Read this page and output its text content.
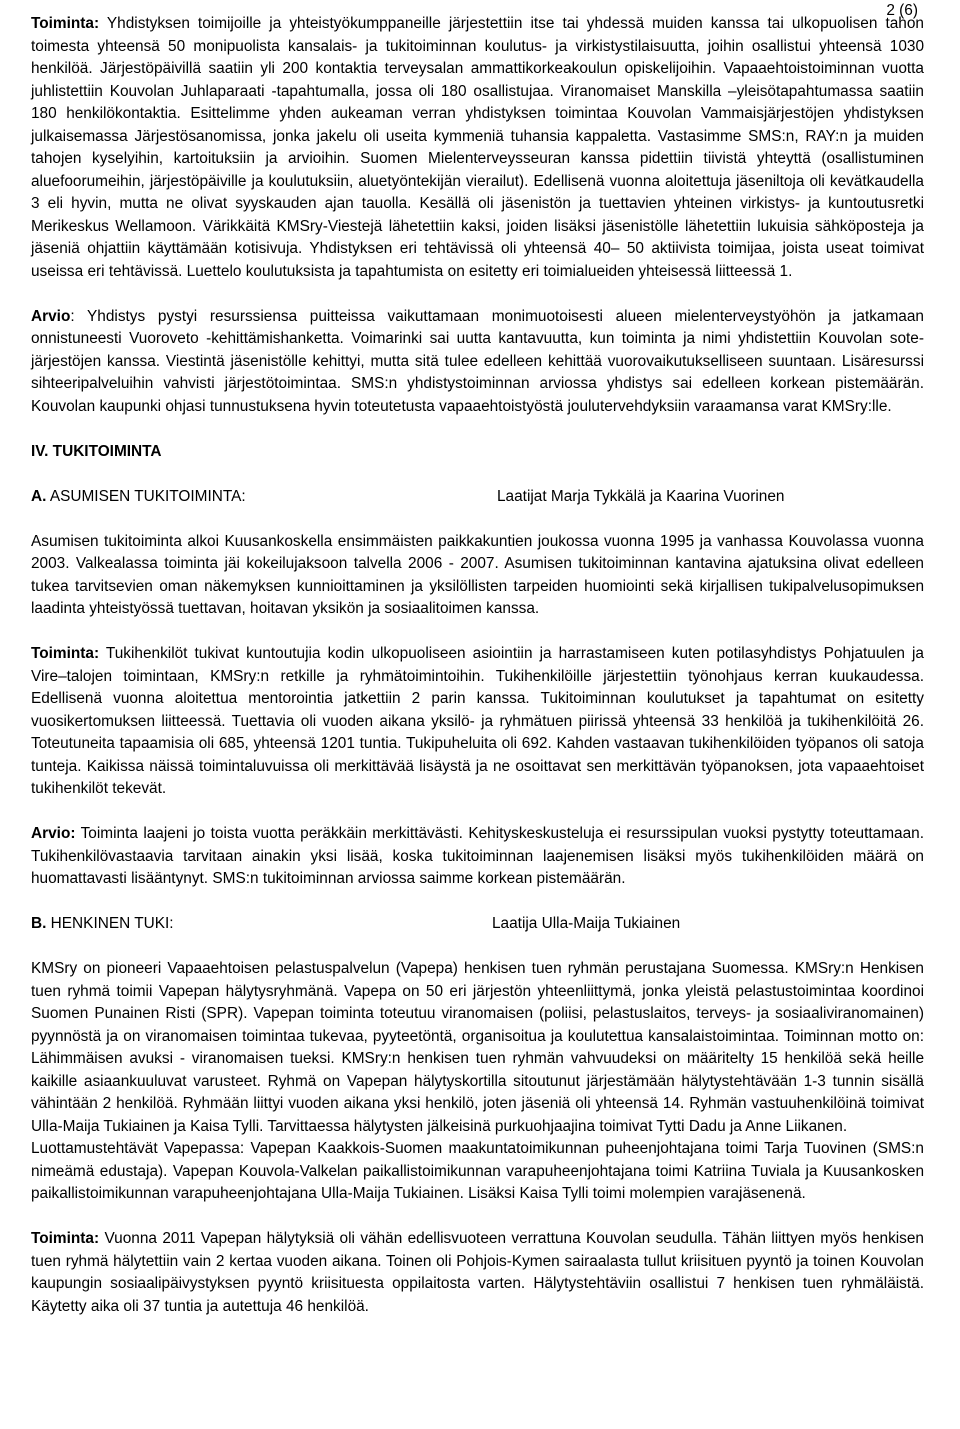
2 (6)

Toiminta: Yhdistyksen toimijoille ja yhteistyökumppaneille järjestettiin itse tai yhdessä muiden kanssa tai ulkopuolisen tahon toimesta yhteensä 50 monipuolista kansalais- ja tukitoiminnan koulutus- ja virkistystilaisuutta, joihin osallistui yhteensä 1030 henkilöä. Järjestöpäivillä saatiin yli 200 kontaktia terveysalan ammattikorkeakoulun opiskelijoihin. Vapaaehtoistoiminnan vuotta juhlistettiin Kouvolan Juhlaparaati -tapahtumalla, jossa oli 180 osallistujaa. Viranomaiset Manskilla –yleisötapahtumassa saatiin 180 henkilökontaktia. Esittelimme yhden aukeaman verran yhdistyksen toimintaa Kouvolan Vammaisjärjestöjen yhdistyksen julkaisemassa Järjestösanomissa, jonka jakelu oli useita kymmeniä tuhansia kappaletta. Vastasimme SMS:n, RAY:n ja muiden tahojen kyselyihin, kartoituksiin ja arvioihin. Suomen Mielenterveysseuran kanssa pidettiin tiivistä yhteyttä (osallistuminen aluefoorumeihin, järjestöpäiville ja koulutuksiin, aluetyöntekijän vierailut). Edellisenä vuonna aloitettuja jäseniltoja oli kevätkaudella 3 eli hyvin, mutta ne olivat syyskauden ajan tauolla. Kesällä oli jäsenistön ja tuettavien yhteinen virkistys- ja kuntoutusretki Merikeskus Wellamoon. Värikkäitä KMSry-Viestejä lähetettiin kaksi, joiden lisäksi jäsenistölle lähetettiin lukuisia sähköposteja ja jäseniä ohjattiin käyttämään kotisivuja. Yhdistyksen eri tehtävissä oli yhteensä 40– 50 aktiivista toimijaa, joista useat toimivat useissa eri tehtävissä. Luettelo koulutuksista ja tapahtumista on esitetty eri toimialueiden yhteisessä liitteessä 1.

Arvio: Yhdistys pystyi resurssiensa puitteissa vaikuttamaan monimuotoisesti alueen mielenterveystyöhön ja jatkamaan onnistuneesti Vuoroveto -kehittämishanketta. Voimarinki sai uutta kantavuutta, kun toiminta ja nimi yhdistettiin Kouvolan sote-järjestöjen kanssa. Viestintä jäsenistölle kehittyi, mutta sitä tulee edelleen kehittää vuorovaikutukselliseen suuntaan. Lisäresurssi sihteeripalveluihin vahvisti järjestötoimintaa. SMS:n yhdistystoiminnan arviossa yhdistys sai edelleen korkean pistemäärän. Kouvolan kaupunki ohjasi tunnustuksena hyvin toteutetusta vapaaehtoistyöstä joulutervehdyksiin varaamansa varat KMSry:lle.

IV. TUKITOIMINTA

A. ASUMISEN TUKITOIMINTA:	Laatijat Marja Tykkälä ja Kaarina Vuorinen

Asumisen tukitoiminta alkoi Kuusankoskella ensimmäisten paikkakuntien joukossa vuonna 1995 ja vanhassa Kouvolassa vuonna 2003. Valkealassa toiminta jäi kokeilujaksoon talvella 2006 - 2007. Asumisen tukitoiminnan kantavina ajatuksina olivat edelleen tukea tarvitsevien oman näkemyksen kunnioittaminen ja yksilöllisten tarpeiden huomiointi sekä kirjallisen tukipalvelusopimuksen laadinta yhteistyössä tuettavan, hoitavan yksikön ja sosiaalitoimen kanssa.

Toiminta: Tukihenkilöt tukivat kuntoutujia kodin ulkopuoliseen asiointiin ja harrastamiseen kuten potilasyhdistys Pohjatuulen ja Vire–talojen toimintaan, KMSry:n retkille ja ryhmätoimintoihin. Tukihenkilöille järjestettiin työnohjaus kerran kuukaudessa. Edellisenä vuonna aloitettua mentorointia jatkettiin 2 parin kanssa. Tukitoiminnan koulutukset ja tapahtumat on esitetty vuosikertomuksen liitteessä. Tuettavia oli vuoden aikana yksilö- ja ryhmätuen piirissä yhteensä 33 henkilöä ja tukihenkilöitä 26. Toteutuneita tapaamisia oli 685, yhteensä 1201 tuntia. Tukipuheluita oli 692. Kahden vastaavan tukihenkilöiden työpanos oli satoja tunteja. Kaikissa näissä toimintaluvuissa oli merkittävää lisäystä ja ne osoittavat sen merkittävän työpanoksen, jota vapaaehtoiset tukihenkilöt tekevät.

Arvio: Toiminta laajeni jo toista vuotta peräkkäin merkittävästi. Kehityskeskusteluja ei resurssipulan vuoksi pystytty toteuttamaan. Tukihenkilövastaavia tarvitaan ainakin yksi lisää, koska tukitoiminnan laajenemisen lisäksi myös tukihenkilöiden määrä on huomattavasti lisääntynyt. SMS:n tukitoiminnan arviossa saimme korkean pistemäärän.

B. HENKINEN TUKI:	Laatija Ulla-Maija Tukiainen

KMSry on pioneeri Vapaaehtoisen pelastuspalvelun (Vapepa) henkisen tuen ryhmän perustajana Suomessa. KMSry:n Henkisen tuen ryhmä toimii Vapepan hälytysryhmänä. Vapepa on 50 eri järjestön yhteenliittymä, jonka yleistä pelastustoimintaa koordinoi Suomen Punainen Risti (SPR). Vapepan toiminta toteutuu viranomaisen (poliisi, pelastuslaitos, terveys- ja sosiaaliviranomainen) pyynnöstä ja on viranomaisen toimintaa tukevaa, pyyteetöntä, organisoitua ja koulutettua kansalaistoimintaa. Toiminnan motto on: Lähimmäisen avuksi - viranomaisen tueksi. KMSry:n henkisen tuen ryhmän vahvuudeksi on määritelty 15 henkilöä sekä heille kaikille asiaankuuluvat varusteet. Ryhmä on Vapepan hälytyskortilla sitoutunut järjestämään hälytystehtävään 1-3 tunnin sisällä vähintään 2 henkilöä. Ryhmään liittyi vuoden aikana yksi henkilö, joten jäseniä oli yhteensä 14. Ryhmän vastuuhenkilöinä toimivat Ulla-Maija Tukiainen ja Kaisa Tylli. Tarvittaessa hälytysten jälkeisinä purkuohjaajina toimivat Tytti Dadu ja Anne Liikanen.

Luottamustehtävät Vapepassa: Vapepan Kaakkois-Suomen maakuntatoimikunnan puheenjohtajana toimi Tarja Tuovinen (SMS:n nimeämä edustaja). Vapepan Kouvola-Valkelan paikallistoimikunnan varapuheenjohtajana toimi Katriina Tuviala ja Kuusankosken paikallistoimikunnan varapuheenjohtajana Ulla-Maija Tukiainen. Lisäksi Kaisa Tylli toimi molempien varajäsenenä.

Toiminta: Vuonna 2011 Vapepan hälytyksiä oli vähän edellisvuoteen verrattuna Kouvolan seudulla. Tähän liittyen myös henkisen tuen ryhmä hälytettiin vain 2 kertaa vuoden aikana. Toinen oli Pohjois-Kymen sairaalasta tullut kriisituen pyyntö ja toinen Kouvolan kaupungin sosiaalipäivystyksen pyyntö kriisituesta oppilaitosta varten. Hälytystehtäviin osallistui 7 henkisen tuen ryhmäläistä. Käytetty aika oli 37 tuntia ja autettuja 46 henkilöä.
